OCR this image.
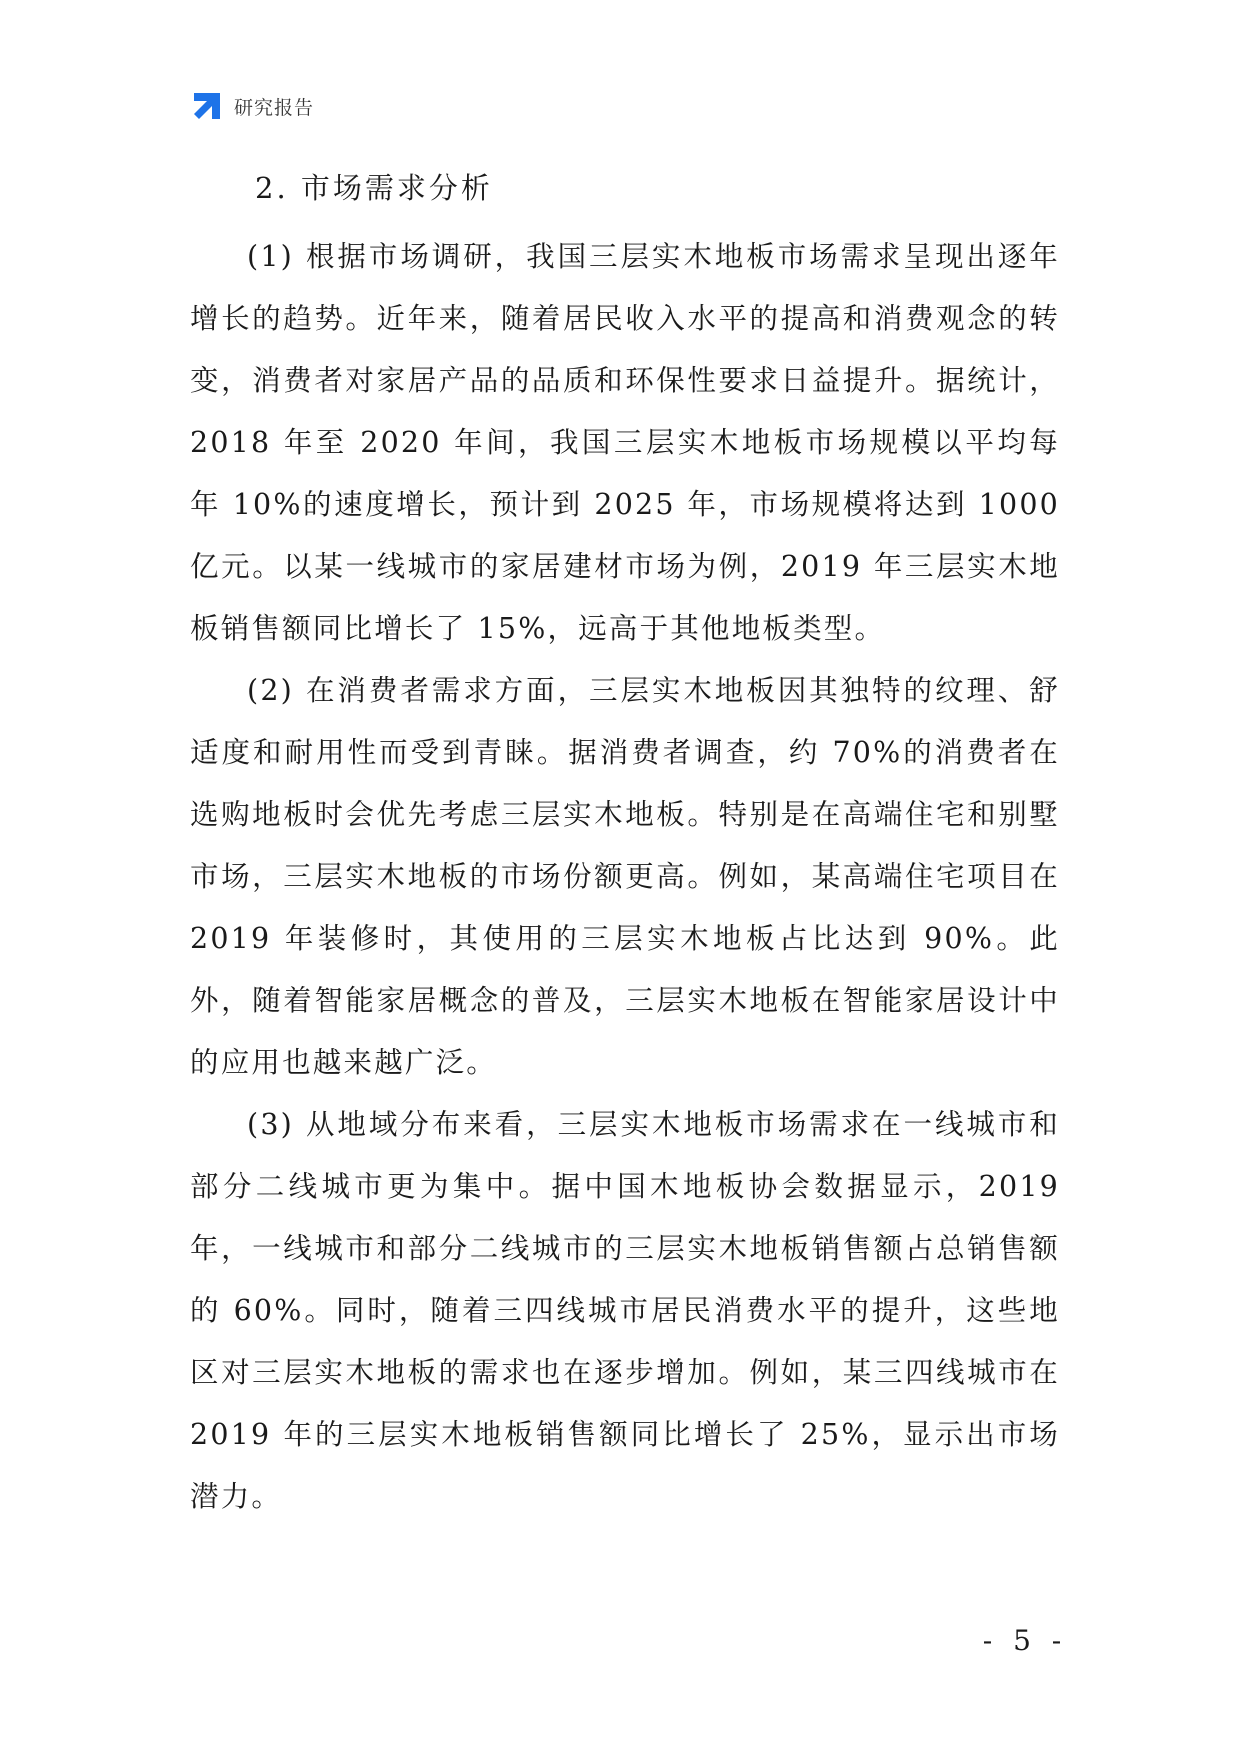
研究报告
2. 市场需求分析

(1) 根据市场调研，我国三层实木地板市场需求呈现出逐年增长的趋势。近年来，随着居民收入水平的提高和消费观念的转变，消费者对家居产品的品质和环保性要求日益提升。据统计，2018 年至 2020 年间，我国三层实木地板市场规模以平均每年 10%的速度增长，预计到 2025 年，市场规模将达到 1000 亿元。以某一线城市的家居建材市场为例，2019 年三层实木地板销售额同比增长了 15%，远高于其他地板类型。

(2) 在消费者需求方面，三层实木地板因其独特的纹理、舒适度和耐用性而受到青睐。据消费者调查，约 70%的消费者在选购地板时会优先考虑三层实木地板。特别是在高端住宅和别墅市场，三层实木地板的市场份额更高。例如，某高端住宅项目在 2019 年装修时，其使用的三层实木地板占比达到 90%。此外，随着智能家居概念的普及，三层实木地板在智能家居设计中的应用也越来越广泛。

(3) 从地域分布来看，三层实木地板市场需求在一线城市和部分二线城市更为集中。据中国木地板协会数据显示，2019 年，一线城市和部分二线城市的三层实木地板销售额占总销售额的 60%。同时，随着三四线城市居民消费水平的提升，这些地区对三层实木地板的需求也在逐步增加。例如，某三四线城市在 2019 年的三层实木地板销售额同比增长了 25%，显示出市场潜力。

- 5 -
